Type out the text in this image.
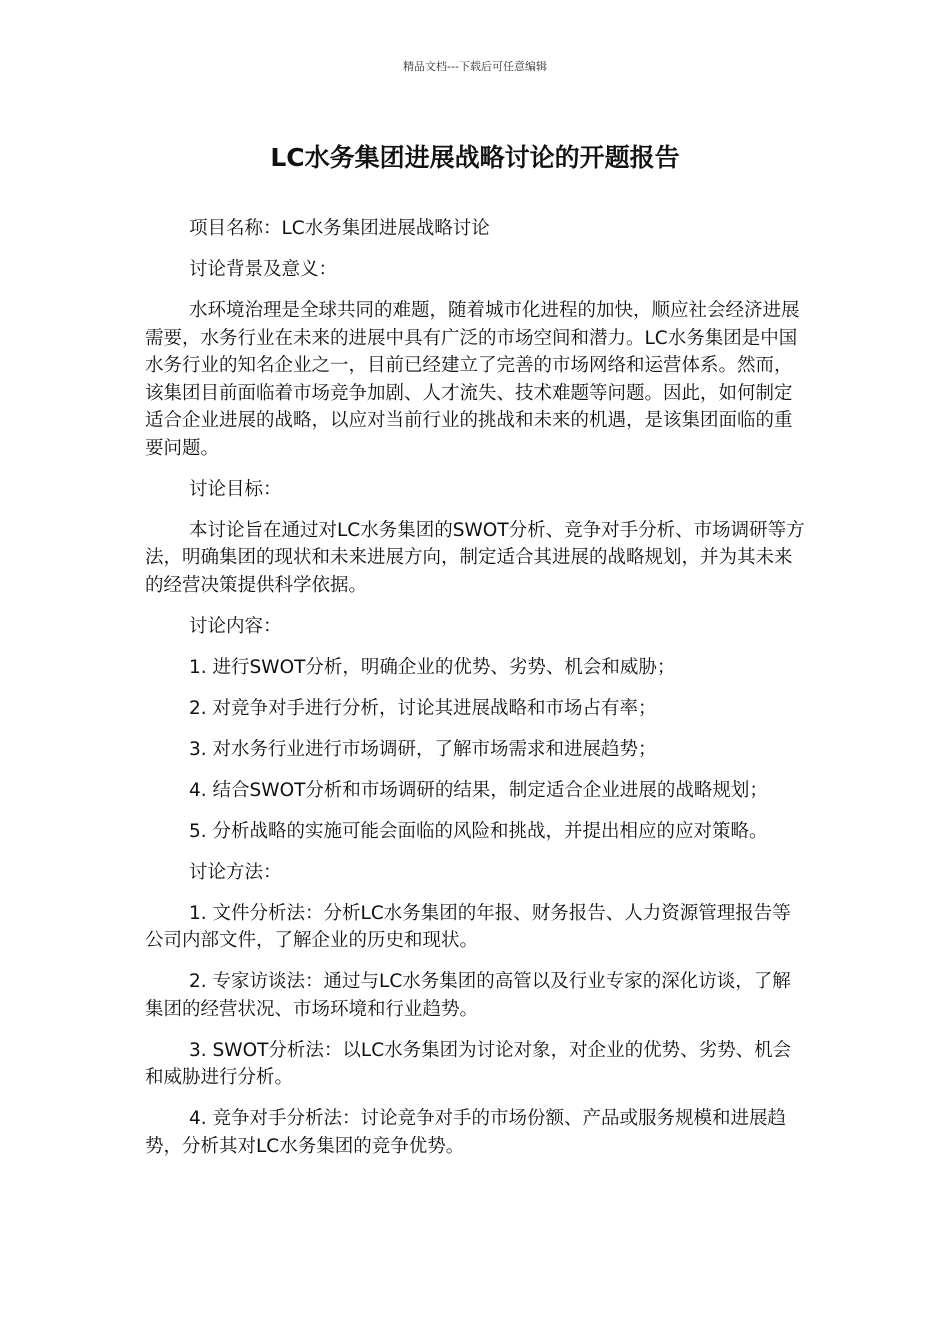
精品文档---下载后可任意编辑
LC水务集团进展战略讨论的开题报告

项目名称：LC水务集团进展战略讨论

讨论背景及意义：

水环境治理是全球共同的难题，随着城市化进程的加快，顺应社会经济进展需要，水务行业在未来的进展中具有广泛的市场空间和潜力。LC水务集团是中国水务行业的知名企业之一，目前已经建立了完善的市场网络和运营体系。然而，该集团目前面临着市场竞争加剧、人才流失、技术难题等问题。因此，如何制定适合企业进展的战略，以应对当前行业的挑战和未来的机遇，是该集团面临的重要问题。

讨论目标：

本讨论旨在通过对LC水务集团的SWOT分析、竞争对手分析、市场调研等方法，明确集团的现状和未来进展方向，制定适合其进展的战略规划，并为其未来的经营决策提供科学依据。

讨论内容：

1. 进行SWOT分析，明确企业的优势、劣势、机会和威胁；

2. 对竞争对手进行分析，讨论其进展战略和市场占有率；

3. 对水务行业进行市场调研，了解市场需求和进展趋势；

4. 结合SWOT分析和市场调研的结果，制定适合企业进展的战略规划；

5. 分析战略的实施可能会面临的风险和挑战，并提出相应的应对策略。

讨论方法：

1. 文件分析法：分析LC水务集团的年报、财务报告、人力资源管理报告等公司内部文件，了解企业的历史和现状。

2. 专家访谈法：通过与LC水务集团的高管以及行业专家的深化访谈，了解集团的经营状况、市场环境和行业趋势。

3. SWOT分析法：以LC水务集团为讨论对象，对企业的优势、劣势、机会和威胁进行分析。

4. 竞争对手分析法：讨论竞争对手的市场份额、产品或服务规模和进展趋势，分析其对LC水务集团的竞争优势。
